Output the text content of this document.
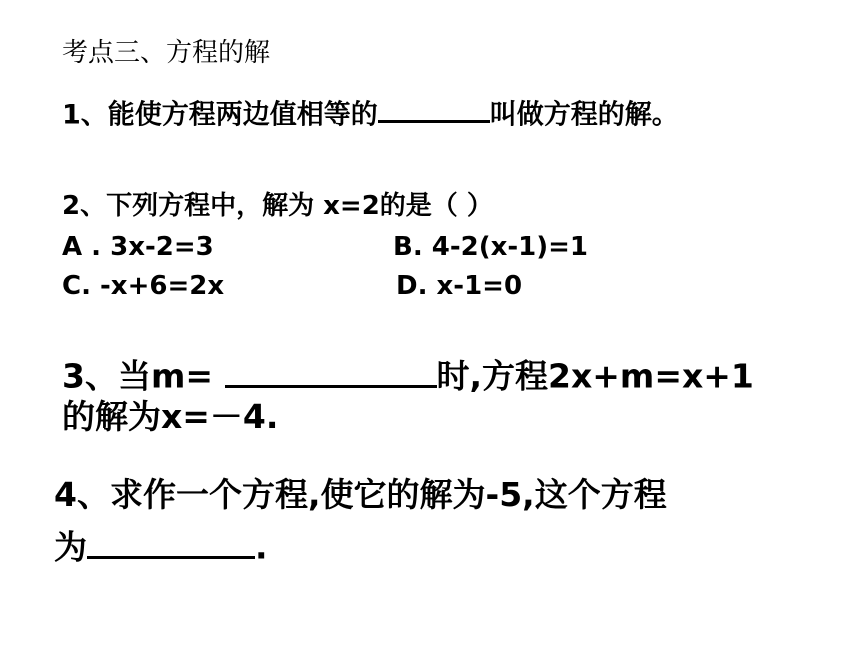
考点三、方程的解
1、能使方程两边值相等的	叫做方程的解。
2、下列方程中，解为 x=2的是（ ）
A . 3x-2=3	B. 4-2(x-1)=1
C. -x+6=2x	D. x-1=0
3、当m=	时,方程2x+m=x+1
的解为x=－4.
4、求作一个方程,使它的解为-5,这个方程
为	.
